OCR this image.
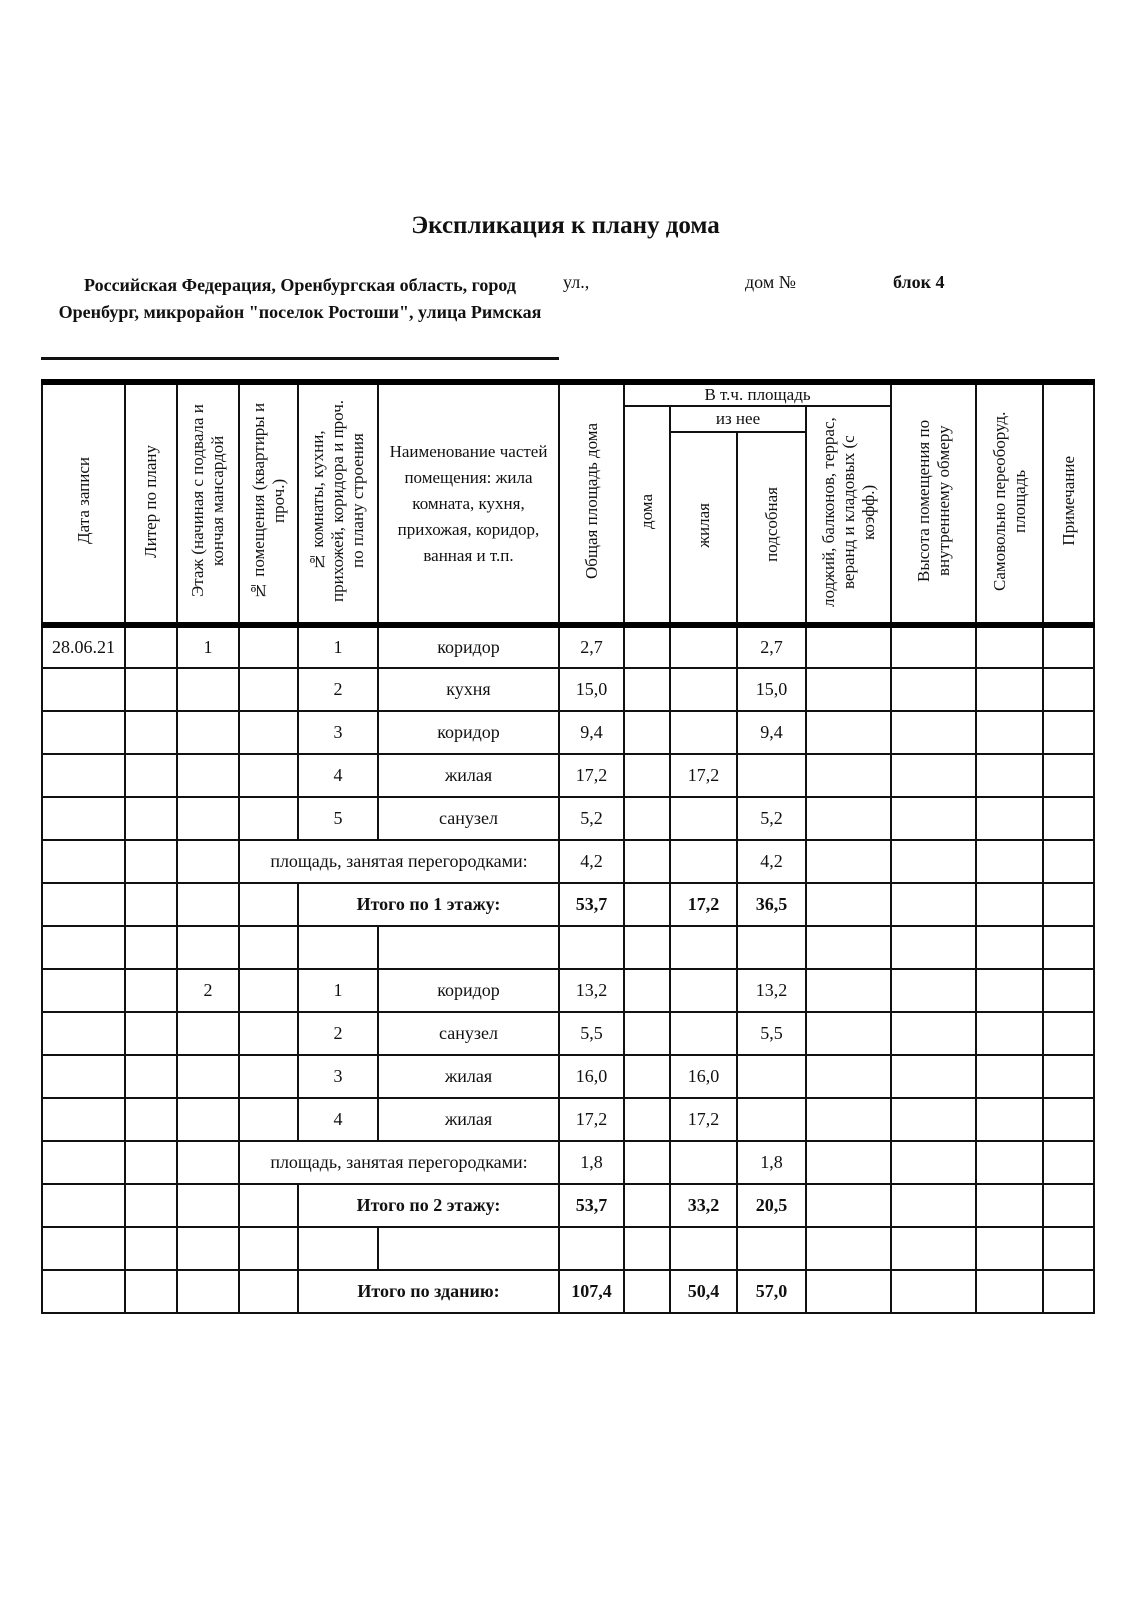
Экспликация к плану дома
Российская Федерация, Оренбургская область, город Оренбург, микрорайон "поселок Ростоши", улица Римская
ул.,	дом №	блок 4
Дата записи	Литер по плану	Этаж (начиная с подвала и кончая мансардой	№ помещения (квартиры и проч.)	№ комнаты, кухни, прихожей, коридора и проч. по плану строения	Наименование частей помещения: жила комната, кухня, прихожая, коридор, ванная и т.п.	Общая площадь дома	В т.ч. площадь				Высота помещения по внутреннему обмеру	Самовольно переоборуд. площадь	Примечание
							дома	из нее		лоджий, балконов, террас, веранд и кладовых (с коэфф.)			
								жилая	подсобная				
28.06.21		1		1	коридор	2,7			2,7				
				2	кухня	15,0			15,0				
				3	коридор	9,4			9,4				
				4	жилая	17,2		17,2					
				5	санузел	5,2			5,2				
			площадь, занятая перегородками:			4,2			4,2				
				Итого по 1 этажу:		53,7		17,2	36,5				

		2		1	коридор	13,2			13,2				
				2	санузел	5,5			5,5				
				3	жилая	16,0		16,0					
				4	жилая	17,2		17,2					
			площадь, занятая перегородками:			1,8			1,8				
				Итого по 2 этажу:		53,7		33,2	20,5				

				Итого по зданию:		107,4		50,4	57,0				
